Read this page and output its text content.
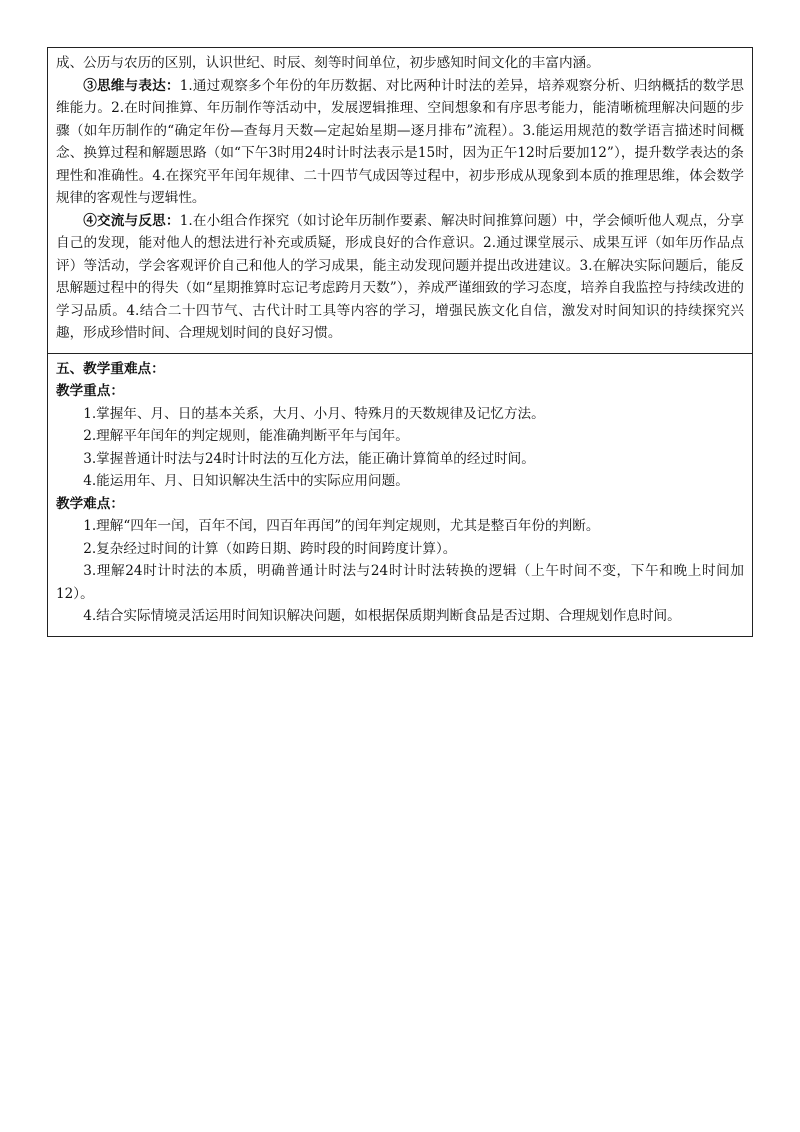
成、公历与农历的区别，认识世纪、时辰、刻等时间单位，初步感知时间文化的丰富内涵。

③思维与表达：1.通过观察多个年份的年历数据、对比两种计时法的差异，培养观察分析、归纳概括的数学思维能力。2.在时间推算、年历制作等活动中，发展逻辑推理、空间想象和有序思考能力，能清晰梳理解决问题的步骤（如年历制作的“确定年份—查每月天数—定起始星期—逐月排布”流程）。3.能运用规范的数学语言描述时间概念、换算过程和解题思路（如“下午3时用24时计时法表示是15时，因为正午12时后要加12”），提升数学表达的条理性和准确性。4.在探究平年闰年规律、二十四节气成因等过程中，初步形成从现象到本质的推理思维，体会数学规律的客观性与逻辑性。

④交流与反思：1.在小组合作探究（如讨论年历制作要素、解决时间推算问题）中，学会倾听他人观点，分享自己的发现，能对他人的想法进行补充或质疑，形成良好的合作意识。2.通过课堂展示、成果互评（如年历作品点评）等活动，学会客观评价自己和他人的学习成果，能主动发现问题并提出改进建议。3.在解决实际问题后，能反思解题过程中的得失（如“星期推算时忘记考虑跨月天数”），养成严谨细致的学习态度，培养自我监控与持续改进的学习品质。4.结合二十四节气、古代计时工具等内容的学习，增强民族文化自信，激发对时间知识的持续探究兴趣，形成珍惜时间、合理规划时间的良好习惯。

五、教学重难点：

教学重点：

1.掌握年、月、日的基本关系，大月、小月、特殊月的天数规律及记忆方法。

2.理解平年闰年的判定规则，能准确判断平年与闰年。

3.掌握普通计时法与24时计时法的互化方法，能正确计算简单的经过时间。

4.能运用年、月、日知识解决生活中的实际应用问题。

教学难点：

1.理解“四年一闰，百年不闰，四百年再闰”的闰年判定规则，尤其是整百年份的判断。

2.复杂经过时间的计算（如跨日期、跨时段的时间跨度计算）。

3.理解24时计时法的本质，明确普通计时法与24时计时法转换的逻辑（上午时间不变，下午和晚上时间加12）。

4.结合实际情境灵活运用时间知识解决问题，如根据保质期判断食品是否过期、合理规划作息时间。
